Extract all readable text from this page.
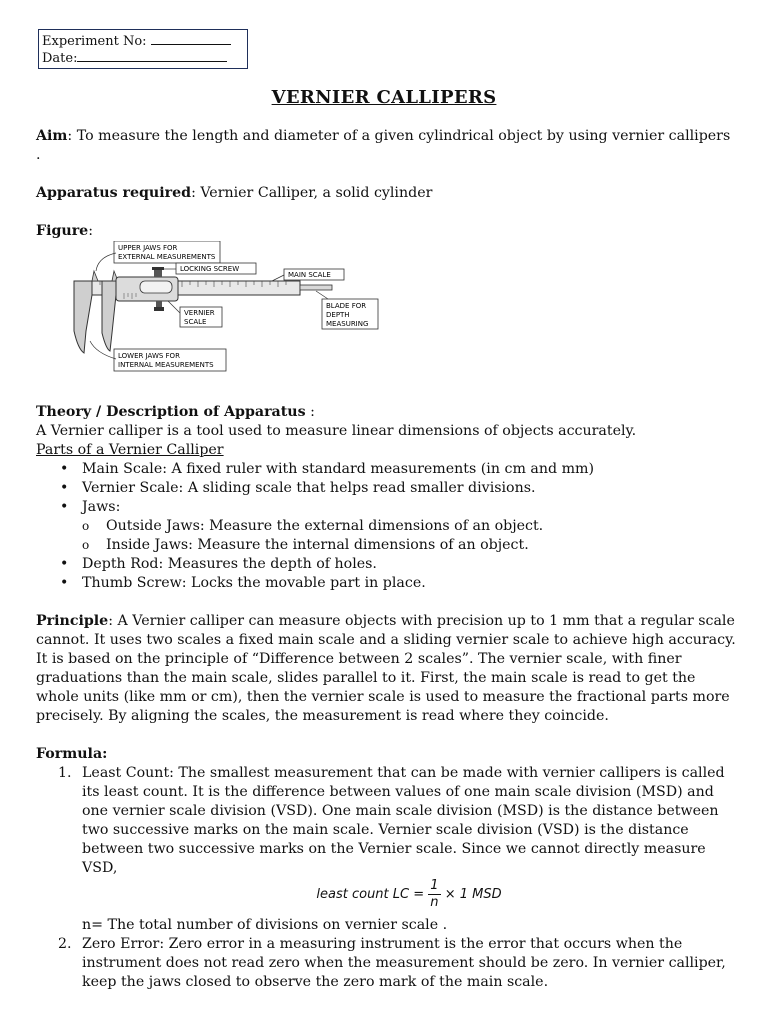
Experiment No:
Date:
VERNIER CALLIPERS

Aim: To measure the length and diameter of a given cylindrical object by using vernier callipers .

Apparatus required: Vernier Calliper, a solid cylinder

Figure:

UPPER JAWS FOR
EXTERNAL MEASUREMENTS
LOCKING SCREW
MAIN SCALE
BLADE FOR
DEPTH
MEASURING
VERNIER
SCALE
LOWER JAWS FOR
INTERNAL MEASUREMENTS

Theory / Description of Apparatus :

A Vernier calliper is a tool used to measure linear dimensions of objects accurately.

Parts of a Vernier Calliper

• Main Scale: A fixed ruler with standard measurements (in cm and mm)
• Vernier Scale: A sliding scale that helps read smaller divisions.
• Jaws:
o Outside Jaws: Measure the external dimensions of an object.
o Inside Jaws: Measure the internal dimensions of an object.
• Depth Rod: Measures the depth of holes.
• Thumb Screw: Locks the movable part in place.

Principle: A Vernier calliper can measure objects with precision up to 1 mm that a regular scale cannot. It uses two scales a fixed main scale and a sliding vernier scale to achieve high accuracy. It is based on the principle of “Difference between 2 scales”. The vernier scale, with finer graduations than the main scale, slides parallel to it. First, the main scale is read to get the whole units (like mm or cm), then the vernier scale is used to measure the fractional parts more precisely. By aligning the scales, the measurement is read where they coincide.

Formula:

1. Least Count: The smallest measurement that can be made with vernier callipers is called its least count. It is the difference between values of one main scale division (MSD) and one vernier scale division (VSD). One main scale division (MSD) is the distance between two successive marks on the main scale. Vernier scale division (VSD) is the distance between two successive marks on the Vernier scale. Since we cannot directly measure VSD,
least count LC = $\frac{1}{n} \times 1$ MSD
n= The total number of divisions on vernier scale .
2. Zero Error: Zero error in a measuring instrument is the error that occurs when the instrument does not read zero when the measurement should be zero. In vernier calliper, keep the jaws closed to observe the zero mark of the main scale.
